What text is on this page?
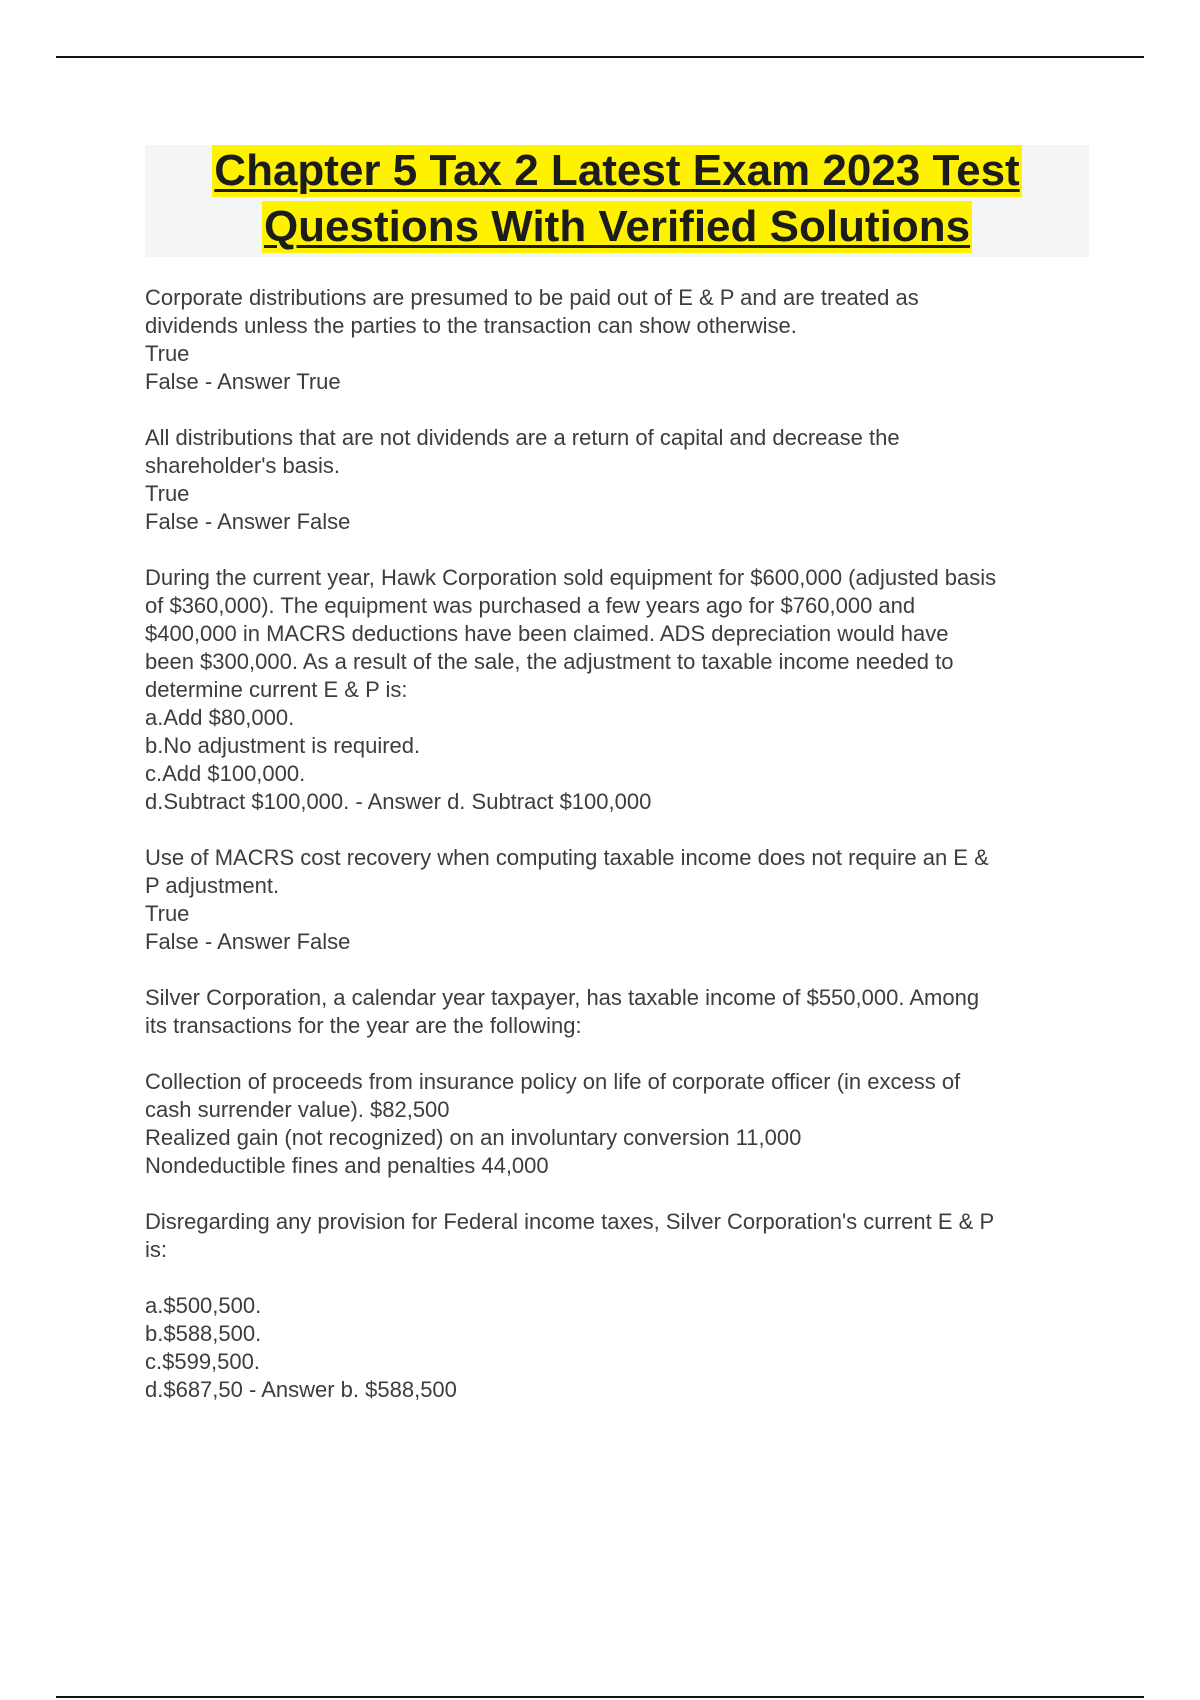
Chapter 5 Tax 2 Latest Exam 2023 Test
Questions With Verified Solutions
Corporate distributions are presumed to be paid out of E & P and are treated as
dividends unless the parties to the transaction can show otherwise.
True
False - Answer True
All distributions that are not dividends are a return of capital and decrease the
shareholder's basis.
True
False - Answer False
During the current year, Hawk Corporation sold equipment for $600,000 (adjusted basis
of $360,000). The equipment was purchased a few years ago for $760,000 and
$400,000 in MACRS deductions have been claimed. ADS depreciation would have
been $300,000. As a result of the sale, the adjustment to taxable income needed to
determine current E & P is:
a.Add $80,000.
b.No adjustment is required.
c.Add $100,000.
d.Subtract $100,000. - Answer d. Subtract $100,000
Use of MACRS cost recovery when computing taxable income does not require an E &
P adjustment.
True
False - Answer False
Silver Corporation, a calendar year taxpayer, has taxable income of $550,000. Among
its transactions for the year are the following:
Collection of proceeds from insurance policy on life of corporate officer (in excess of
cash surrender value). $82,500
Realized gain (not recognized) on an involuntary conversion 11,000
Nondeductible fines and penalties 44,000
Disregarding any provision for Federal income taxes, Silver Corporation's current E & P
is:
a.$500,500.
b.$588,500.
c.$599,500.
d.$687,50 - Answer b. $588,500
